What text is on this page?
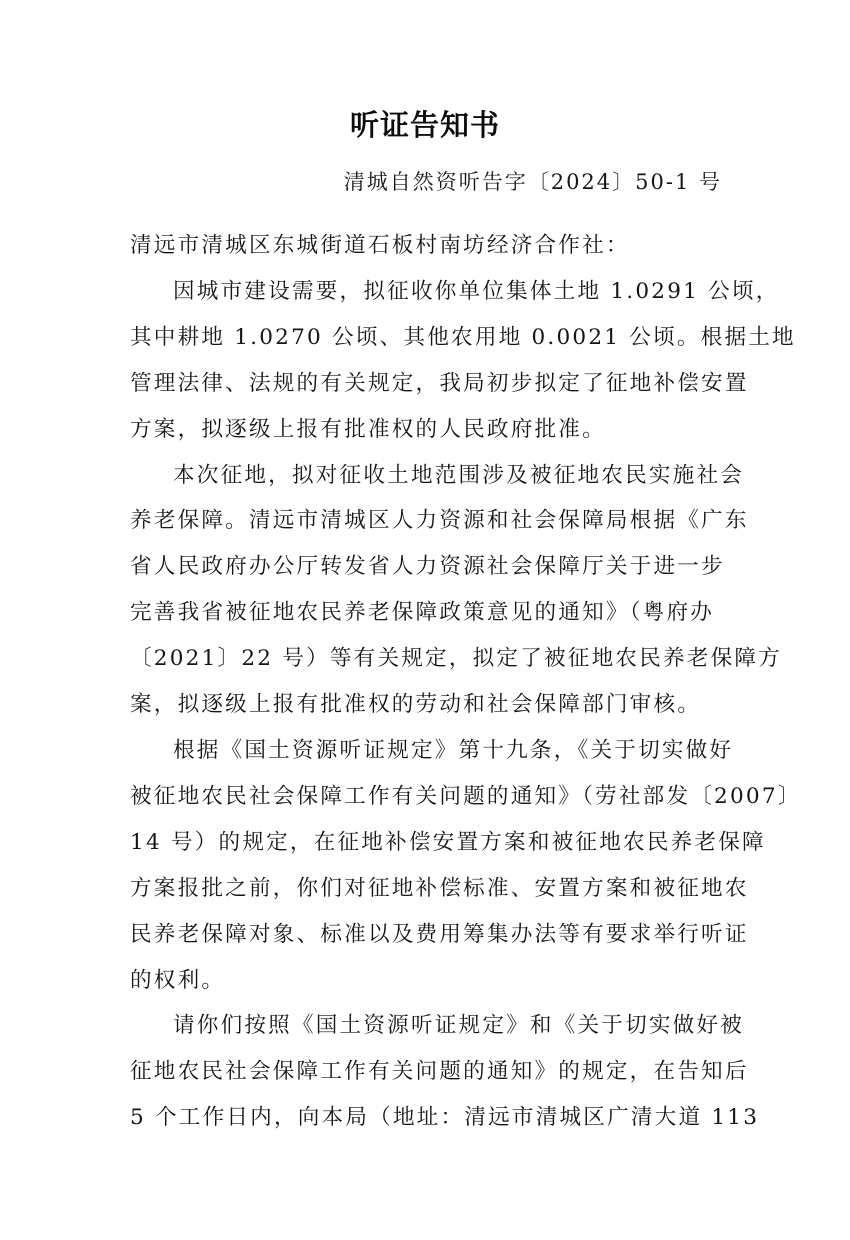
听证告知书
清城自然资听告字〔2024〕50-1 号

清远市清城区东城街道石板村南坊经济合作社：

因城市建设需要，拟征收你单位集体土地 1.0291 公顷，
其中耕地 1.0270 公顷、其他农用地 0.0021 公顷。根据土地
管理法律、法规的有关规定，我局初步拟定了征地补偿安置
方案，拟逐级上报有批准权的人民政府批准。

本次征地，拟对征收土地范围涉及被征地农民实施社会
养老保障。清远市清城区人力资源和社会保障局根据《广东
省人民政府办公厅转发省人力资源社会保障厅关于进一步
完善我省被征地农民养老保障政策意见的通知》（粤府办
〔2021〕22 号）等有关规定，拟定了被征地农民养老保障方
案，拟逐级上报有批准权的劳动和社会保障部门审核。

根据《国土资源听证规定》第十九条，《关于切实做好
被征地农民社会保障工作有关问题的通知》（劳社部发〔2007〕
14 号）的规定，在征地补偿安置方案和被征地农民养老保障
方案报批之前，你们对征地补偿标准、安置方案和被征地农
民养老保障对象、标准以及费用筹集办法等有要求举行听证
的权利。

请你们按照《国土资源听证规定》和《关于切实做好被
征地农民社会保障工作有关问题的通知》的规定，在告知后
5 个工作日内，向本局（地址：清远市清城区广清大道 113
